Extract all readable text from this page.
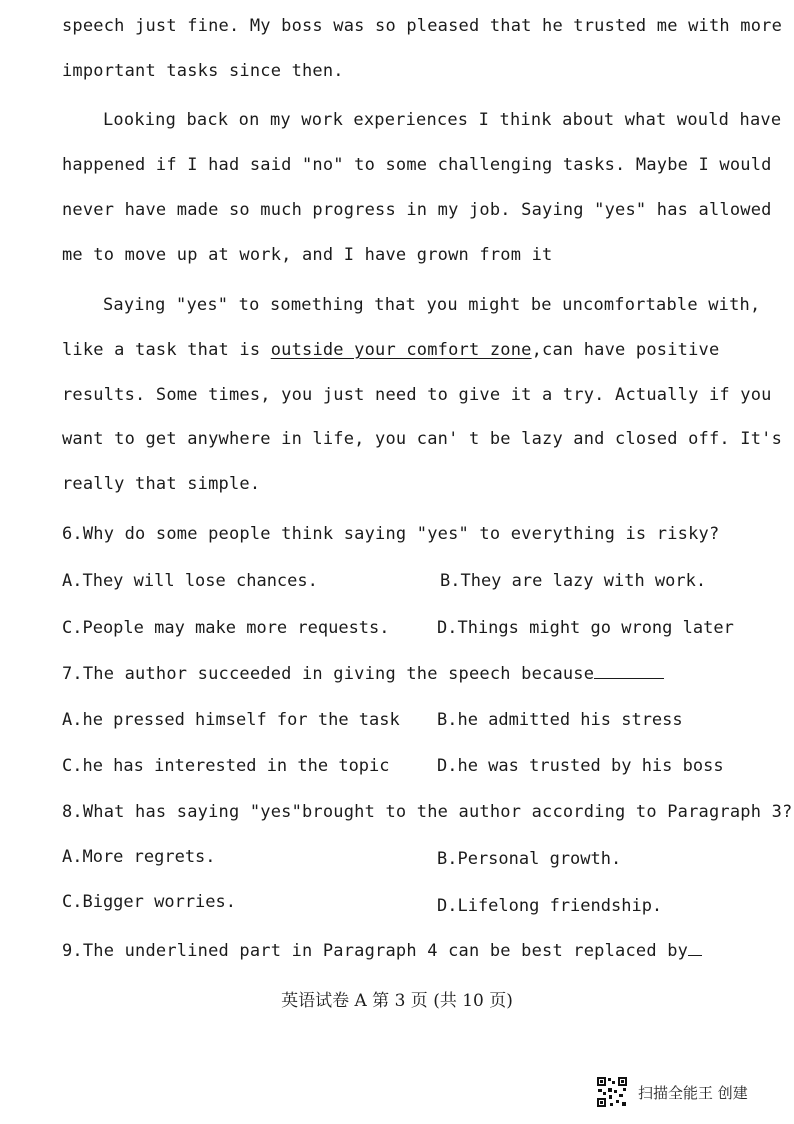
speech just fine. My boss was so pleased that he trusted me with more
important tasks since then.
Looking back on my work experiences I think about what would have
happened if I had said "no" to some challenging tasks. Maybe I would
never have made so much progress in my job. Saying "yes" has allowed
me to move up at work, and I have grown from it
Saying "yes" to something that you might be uncomfortable with,
like a task that is outside your comfort zone,can have positive
results. Some times, you just need to give it a try. Actually if you
want to get anywhere in life, you can' t be lazy and closed off. It's
really that simple.
6.Why do some people think saying "yes" to everything is risky?
A.They will lose chances.	B.They are lazy with work.
C.People may make more requests.	D.Things might go wrong later
7.The author succeeded in giving the speech because
A.he pressed himself for the task B.he admitted his stress
C.he has interested in the topic	D.he was trusted by his boss
8.What has saying "yes"brought to the author according to Paragraph 3?
A.More regrets.	B.Personal growth.
C.Bigger worries.	D.Lifelong friendship.
9.The underlined part in Paragraph 4 can be best replaced by
英语试卷 A 第 3 页 (共 10 页)
扫描全能王 创建
